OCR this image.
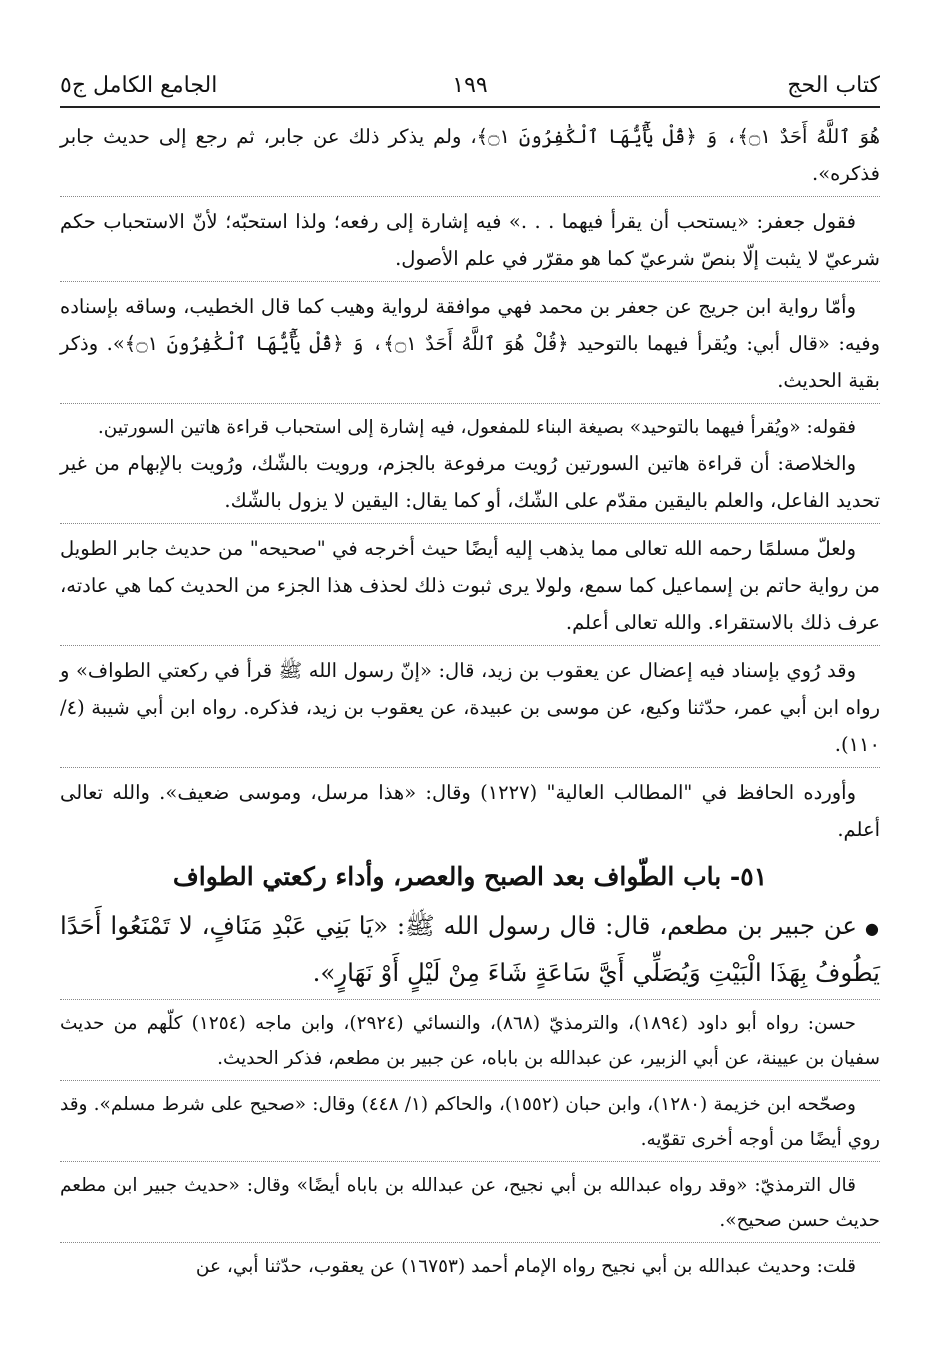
كتاب الحج
١٩٩
الجامع الكامل ج٥

هُوَ ٱللَّهُ أَحَدٌ ۝١﴾، وَ ﴿قُلْ يَٰٓأَيُّهَا ٱلْكَٰفِرُونَ ۝١﴾، ولم يذكر ذلك عن جابر، ثم رجع إلى حديث جابر فذكره».

فقول جعفر: «يستحب أن يقرأ فيهما . . .» فيه إشارة إلى رفعه؛ ولذا استحبّه؛ لأنّ الاستحباب حكم شرعيّ لا يثبت إلّا بنصّ شرعيّ كما هو مقرّر في علم الأصول.

وأمّا رواية ابن جريج عن جعفر بن محمد فهي موافقة لرواية وهيب كما قال الخطيب، وساقه بإسناده وفيه: «قال أبي: ويُقرأ فيهما بالتوحيد ﴿قُلْ هُوَ ٱللَّهُ أَحَدٌ ۝١﴾، وَ ﴿قُلْ يَٰٓأَيُّهَا ٱلْكَٰفِرُونَ ۝١﴾». وذكر بقية الحديث.

فقوله: «ويُقرأ فيهما بالتوحيد» بصيغة البناء للمفعول، فيه إشارة إلى استحباب قراءة هاتين السورتين.

والخلاصة: أن قراءة هاتين السورتين رُويت مرفوعة بالجزم، ورويت بالشّك، ورُويت بالإبهام من غير تحديد الفاعل، والعلم باليقين مقدّم على الشّك، أو كما يقال: اليقين لا يزول بالشّك.

ولعلّ مسلمًا رحمه الله تعالى مما يذهب إليه أيضًا حيث أخرجه في "صحيحه" من حديث جابر الطويل من رواية حاتم بن إسماعيل كما سمع، ولولا يرى ثبوت ذلك لحذف هذا الجزء من الحديث كما هي عادته، عرف ذلك بالاستقراء. والله تعالى أعلم.

وقد رُوي بإسناد فيه إعضال عن يعقوب بن زيد، قال: «إنّ رسول الله ﷺ قرأ في ركعتي الطواف» و رواه ابن أبي عمر، حدّثنا وكيع، عن موسى بن عبيدة، عن يعقوب بن زيد، فذكره. رواه ابن أبي شيبة (٤/ ١١٠).

وأورده الحافظ في "المطالب العالية" (١٢٢٧) وقال: «هذا مرسل، وموسى ضعيف». والله تعالى أعلم.

٥١- باب الطّواف بعد الصبح والعصر، وأداء ركعتي الطواف

●عن جبير بن مطعم، قال: قال رسول الله ﷺ: «يَا بَنِي عَبْدِ مَنَافٍ، لا تَمْنَعُوا أَحَدًا يَطُوفُ بِهَذَا الْبَيْتِ وَيُصَلِّي أَيَّ سَاعَةٍ شَاءَ مِنْ لَيْلٍ أَوْ نَهَارٍ».

حسن: رواه أبو داود (١٨٩٤)، والترمذيّ (٨٦٨)، والنسائي (٢٩٢٤)، وابن ماجه (١٢٥٤) كلّهم من حديث سفيان بن عيينة، عن أبي الزبير، عن عبدالله بن باباه، عن جبير بن مطعم، فذكر الحديث.

وصحّحه ابن خزيمة (١٢٨٠)، وابن حبان (١٥٥٢)، والحاكم (١/ ٤٤٨) وقال: «صحيح على شرط مسلم». وقد روي أيضًا من أوجه أخرى تقوّيه.

قال الترمذيّ: «وقد رواه عبدالله بن أبي نجيح، عن عبدالله بن باباه أيضًا» وقال: «حديث جبير ابن مطعم حديث حسن صحيح».

قلت: وحديث عبدالله بن أبي نجيح رواه الإمام أحمد (١٦٧٥٣) عن يعقوب، حدّثنا أبي، عن
